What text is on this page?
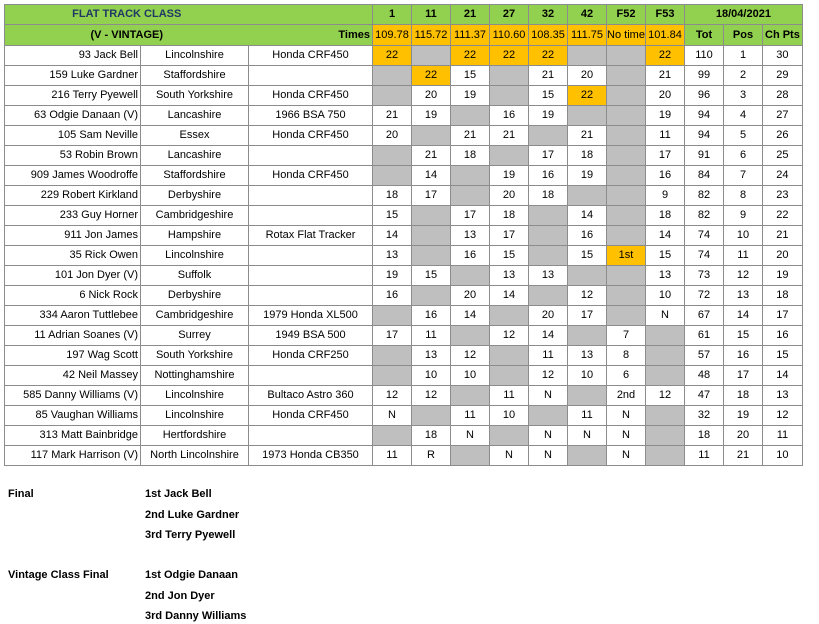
FLAT TRACK CLASS			1	11	21	27	32	42	F52	F53	18/04/2021		
(V - VINTAGE)		Times	109.78	115.72	111.37	110.60	108.35	111.75	No time	101.84	Tot	Pos	Ch Pts
93 Jack Bell	Lincolnshire	Honda CRF450	22		22	22	22			22	110	1	30
159 Luke Gardner	Staffordshire			22	15		21	20		21	99	2	29
216 Terry Pyewell	South Yorkshire	Honda CRF450		20	19		15	22		20	96	3	28
63 Odgie Danaan (V)	Lancashire	1966 BSA 750	21	19		16	19			19	94	4	27
105 Sam Neville	Essex	Honda CRF450	20		21	21		21		11	94	5	26
53 Robin Brown	Lancashire			21	18		17	18		17	91	6	25
909 James Woodroffe	Staffordshire	Honda CRF450		14		19	16	19		16	84	7	24
229 Robert Kirkland	Derbyshire		18	17		20	18			9	82	8	23
233 Guy Horner	Cambridgeshire		15		17	18		14		18	82	9	22
911 Jon James	Hampshire	Rotax Flat Tracker	14		13	17		16		14	74	10	21
35 Rick Owen	Lincolnshire		13		16	15		15	1st	15	74	11	20
101 Jon Dyer (V)	Suffolk		19	15		13	13			13	73	12	19
6 Nick Rock	Derbyshire		16		20	14		12		10	72	13	18
334 Aaron Tuttlebee	Cambridgeshire	1979 Honda XL500		16	14		20	17		N	67	14	17
11 Adrian Soanes (V)	Surrey	1949 BSA 500	17	11		12	14		7		61	15	16
197 Wag Scott	South Yorkshire	Honda CRF250		13	12		11	13	8		57	16	15
42 Neil Massey	Nottinghamshire			10	10		12	10	6		48	17	14
585 Danny Williams (V)	Lincolnshire	Bultaco Astro 360	12	12		11	N		2nd	12	47	18	13
85 Vaughan Williams	Lincolnshire	Honda CRF450	N		11	10		11	N		32	19	12
313 Matt Bainbridge	Hertfordshire			18	N		N	N	N		18	20	11
117 Mark Harrison (V)	North Lincolnshire	1973 Honda CB350	11	R		N	N		N		11	21	10
Final	1st Jack Bell
2nd Luke Gardner
3rd Terry Pyewell
Vintage Class Final	1st Odgie Danaan
2nd Jon Dyer
3rd Danny Williams
